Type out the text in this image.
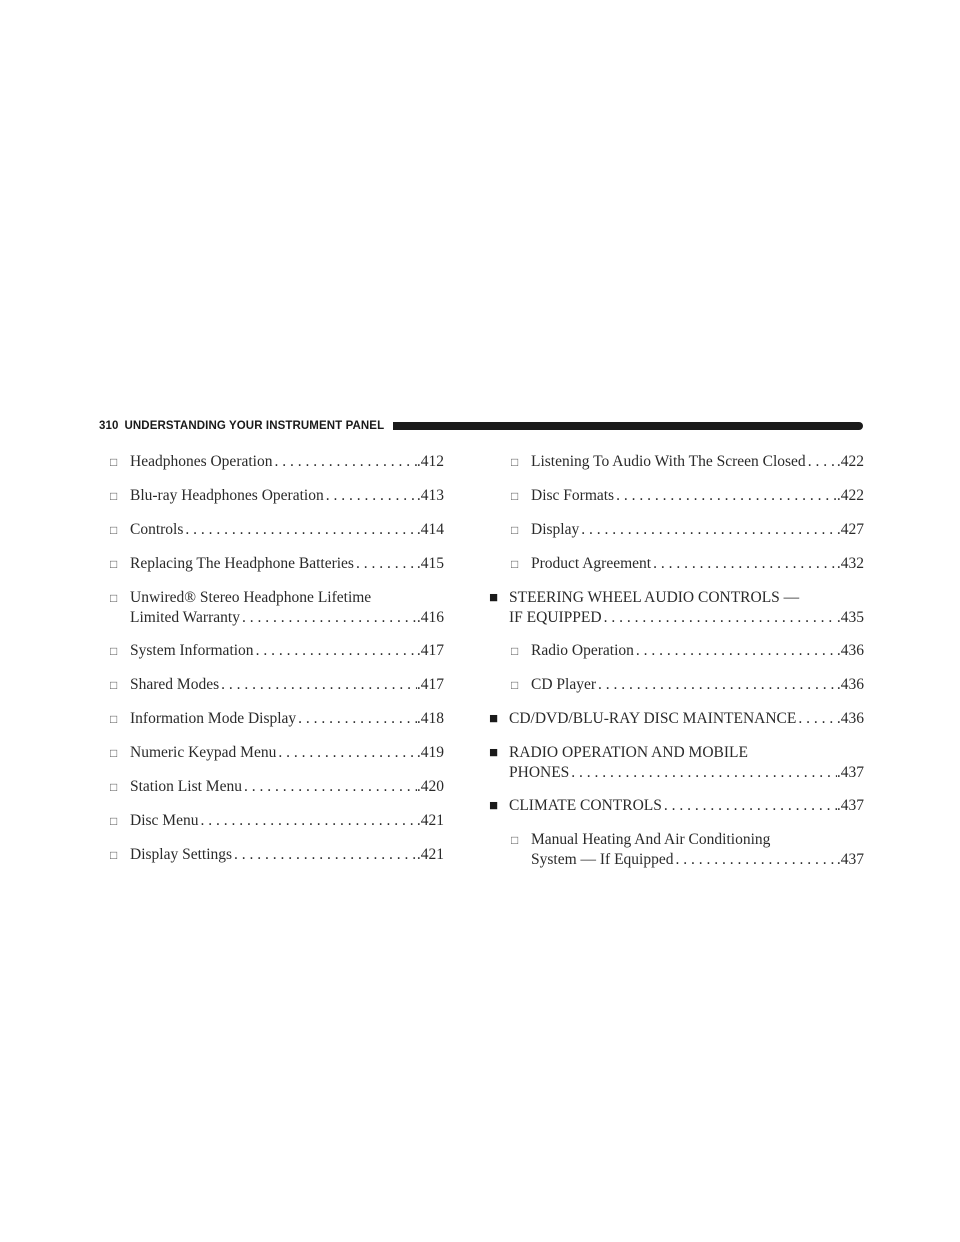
310 UNDERSTANDING YOUR INSTRUMENT PANEL
□ Headphones Operation . . .	.412
□ Blu-ray Headphones Operation . . .	.413
□ Controls . . .	.414
□ Replacing The Headphone Batteries . . .	.415
□ Unwired® Stereo Headphone Lifetime
Limited Warranty . . .	.416
□ System Information . . .	.417
□ Shared Modes . . .	.417
□ Information Mode Display . . .	.418
□ Numeric Keypad Menu . . .	.419
□ Station List Menu . . .	.420
□ Disc Menu . . .	.421
□ Display Settings . . .	.421
□ Listening To Audio With The Screen Closed . . . .422
□ Disc Formats . . .	.422
□ Display . . .	.427
□ Product Agreement . . .	.432
■ STEERING WHEEL AUDIO CONTROLS —
IF EQUIPPED . . .	.435
□ Radio Operation . . .	.436
□ CD Player . . .	.436
■ CD/DVD/BLU-RAY DISC MAINTENANCE . . .	.436
■ RADIO OPERATION AND MOBILE
PHONES . . .	.437
■ CLIMATE CONTROLS . . .	.437
□ Manual Heating And Air Conditioning
System — If Equipped . . .	.437
